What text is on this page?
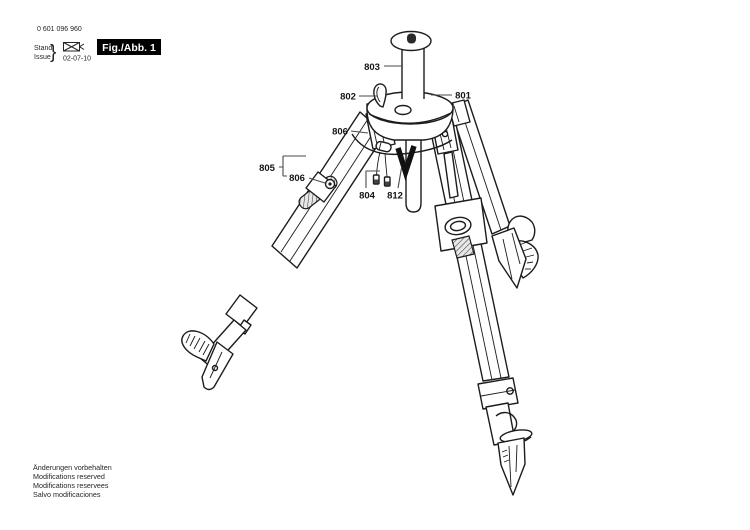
0 601 096 960
Stand
Issue } 02-07-10
Fig./Abb. 1
803
802	801
806
805
806
804 812
Änderungen vorbehalten
Modifications reserved
Modifications reservees
Salvo modificaciones
